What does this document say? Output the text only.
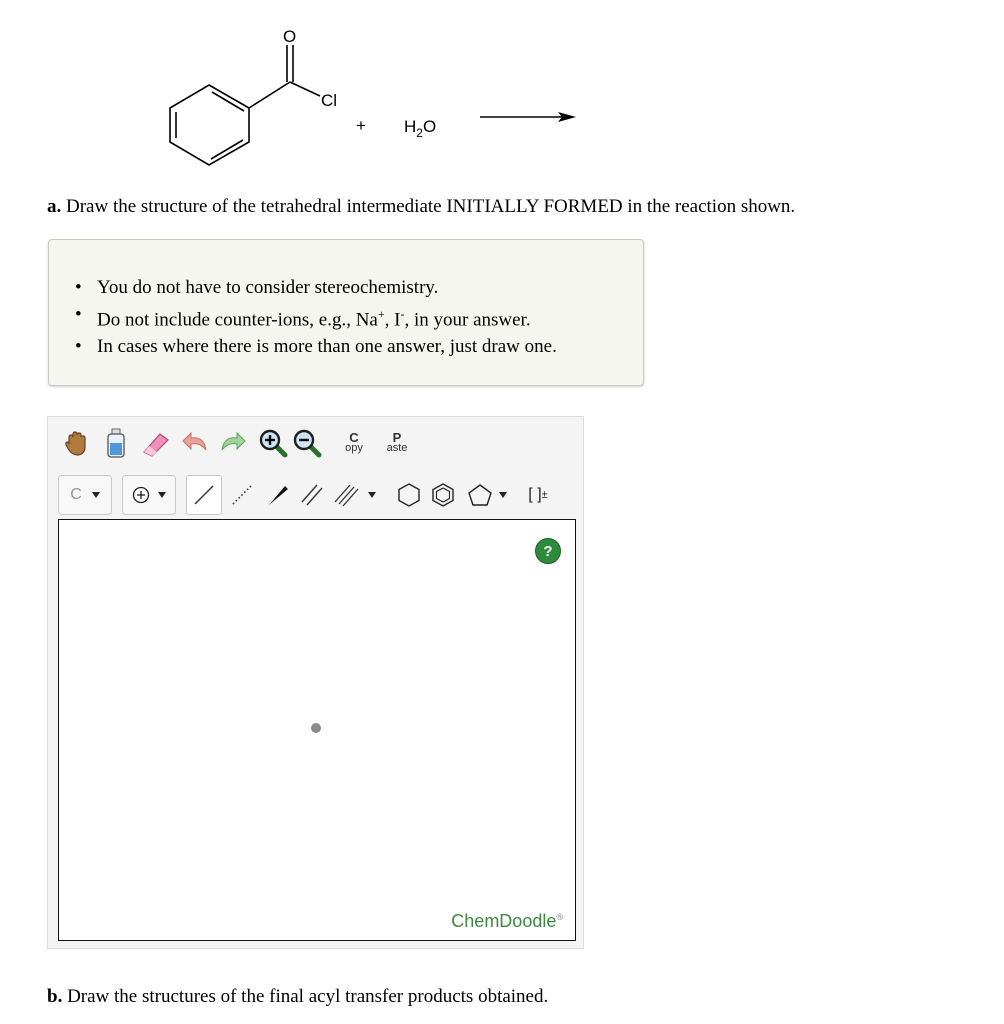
O
Cl
+ $H_2O$
a. Draw the structure of the tetrahedral intermediate INITIALLY FORMED in the reaction shown.
• You do not have to consider stereochemistry.
• Do not include counter-ions, e.g., Na+, I-, in your answer.
• In cases where there is more than one answer, just draw one.
C
opy
P
aste
C	[ ] ±
?
ChemDoodle®
b. Draw the structures of the final acyl transfer products obtained.
